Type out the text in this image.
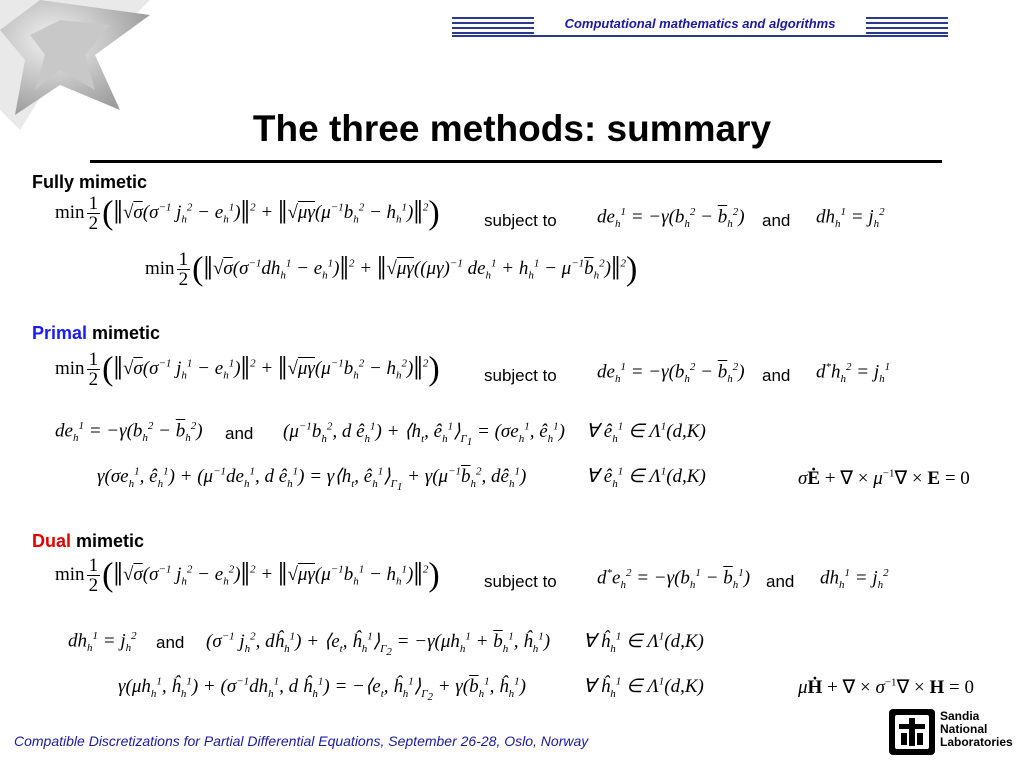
Computational mathematics and algorithms
The three methods: summary
Fully mimetic
$\min \frac{1}{2}$ ($‖√\sigma(\sigma^{-1}$ $j_h^2$ − $e_h^1)‖^2$ + $‖√\mu\gamma(\mu^{-1}b_h^2$ − $h_h^1)‖^2$)	subject to $de_h^1 = -\gamma(b_h^2 - \overline{b}_h^2)$ and $dh_h^1 = j_h^2$
$\min \frac{1}{2}$ ($‖√\sigma(\sigma^{-1}dh_h^1$ − $e_h^1)‖^2$ + $‖√\mu\gamma((\mu\gamma)^{-1}$ $de_h^1 + h_h^1$ − $\mu^{-1}\overline{b}_h^2)‖^2$)
Primal mimetic
$\min \frac{1}{2}$ ($‖√\sigma(\sigma^{-1}$ $j_h^1$ − $e_h^1)‖^2$ + $‖√\mu\gamma(\mu^{-1}b_h^2$ − $h_h^2)‖^2$)	subject to $de_h^1 = -\gamma(b_h^2 - \overline{b}_h^2)$ and $d^*h_h^2 = j_h^1$
$de_h^1 = -\gamma(b_h^2 - \overline{b}_h^2)$ and ($\mu^{-1}b_h^2$, d $ê_h^1$) + $⟨h_t$, $ê_h^1⟩_{\Gamma_1} = (\sigma e_h^1$, $ê_h^1$) ∀ $ê_h^1$ ∈ $\Lambda^1(d,K)$
$\gamma(\sigma e_h^1$, $ê_h^1) + (\mu^{-1}de_h^1$, d $ê_h^1$) = $\gamma⟨h_t$, $ê_h^1⟩_{\Gamma_1} + \gamma(\mu^{-1}\overline{b}_h^2$, $dê_h^1$)	∀ $ê_h^1$ ∈ $\Lambda^1(d,K)$	σĖ + ∇ × $\mu^{-1}\nabla \times E = 0$
Dual mimetic
$\min \frac{1}{2}$ ($‖√\sigma(\sigma^{-1}$ $j_h^2$ − $e_h^2)‖^2$ + $‖√\mu\gamma(\mu^{-1}b_h^1$ − $h_h^1)‖^2$)	subject to $d^*e_h^2 = -\gamma(b_h^1 - \overline{b}_h^1)$ and $dh_h^1 = j_h^2$
$dh_h^1 = j_h^2$ and ($\sigma^{-1}$ $j_h^2$, $dĥ_h^1$) + $⟨e_t$, $ĥ_h^1⟩_{\Gamma_2} = -\gamma(\mu h_h^1 + \overline{b}_h^1$, $ĥ_h^1$) ∀ $ĥ_h^1$ ∈ $\Lambda^1(d,K)$
$\gamma(\mu h_h^1$, $ĥ_h^1) + (\sigma^{-1}dh_h^1$, d $ĥ_h^1$) = $-⟨e_t$, $ĥ_h^1⟩_{\Gamma_2} + \gamma(\overline{b}_h^1$, $ĥ_h^1$)	∀ $ĥ_h^1$ ∈ $\Lambda^1(d,K)$	μḢ + ∇ × $\sigma^{-1}\nabla \times H = 0$
Compatible Discretizations for Partial Differential Equations, September 26-28, Oslo, Norway
Sandia
National
Laboratories
